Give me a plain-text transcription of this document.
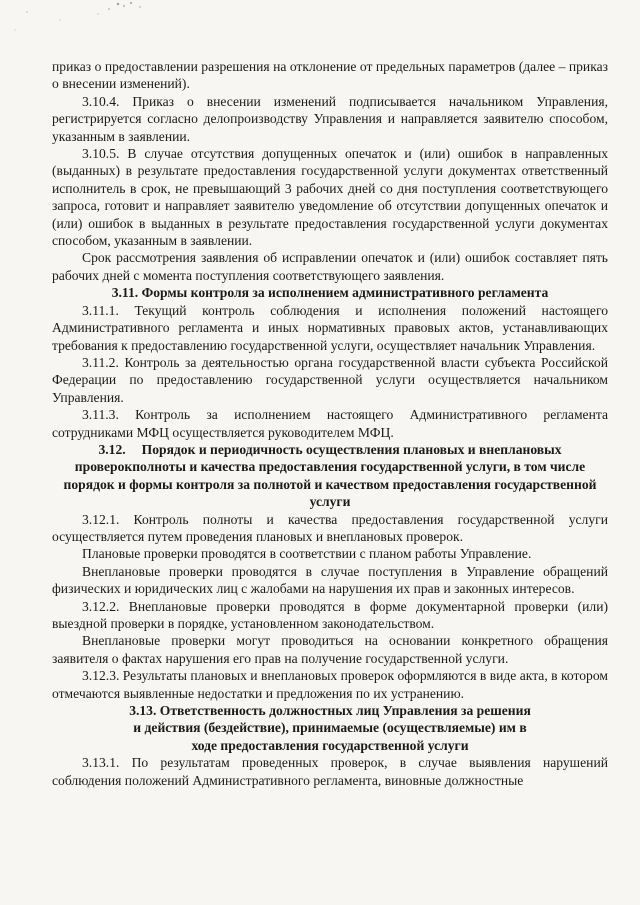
приказ о предоставлении разрешения на отклонение от предельных параметров (далее – приказ о внесении изменений).

3.10.4. Приказ о внесении изменений подписывается начальником Управления, регистрируется согласно делопроизводству Управления и направляется заявителю способом, указанным в заявлении.

3.10.5. В случае отсутствия допущенных опечаток и (или) ошибок в направленных (выданных) в результате предоставления государственной услуги документах ответственный исполнитель в срок, не превышающий 3 рабочих дней со дня поступления соответствующего запроса, готовит и направляет заявителю уведомление об отсутствии допущенных опечаток и (или) ошибок в выданных в результате предоставления государственной услуги документах способом, указанным в заявлении.

Срок рассмотрения заявления об исправлении опечаток и (или) ошибок составляет пять рабочих дней с момента поступления соответствующего заявления.

3.11. Формы контроля за исполнением административного регламента

3.11.1. Текущий контроль соблюдения и исполнения положений настоящего Административного регламента и иных нормативных правовых актов, устанавливающих требования к предоставлению государственной услуги, осуществляет начальник Управления.

3.11.2. Контроль за деятельностью органа государственной власти субъекта Российской Федерации по предоставлению государственной услуги осуществляется начальником Управления.

3.11.3. Контроль за исполнением настоящего Административного регламента сотрудниками МФЦ осуществляется руководителем МФЦ.

3.12. Порядок и периодичность осуществления плановых и внеплановых проверокполноты и качества предоставления государственной услуги, в том числе порядок и формы контроля за полнотой и качеством предоставления государственной услуги

3.12.1. Контроль полноты и качества предоставления государственной услуги осуществляется путем проведения плановых и внеплановых проверок.

Плановые проверки проводятся в соответствии с планом работы Управление.

Внеплановые проверки проводятся в случае поступления в Управление обращений физических и юридических лиц с жалобами на нарушения их прав и законных интересов.

3.12.2. Внеплановые проверки проводятся в форме документарной проверки (или) выездной проверки в порядке, установленном законодательством.

Внеплановые проверки могут проводиться на основании конкретного обращения заявителя о фактах нарушения его прав на получение государственной услуги.

3.12.3. Результаты плановых и внеплановых проверок оформляются в виде акта, в котором отмечаются выявленные недостатки и предложения по их устранению.

3.13. Ответственность должностных лиц Управления за решения
и действия (бездействие), принимаемые (осуществляемые) им в
ходе предоставления государственной услуги

3.13.1. По результатам проведенных проверок, в случае выявления нарушений соблюдения положений Административного регламента, виновные должностные
